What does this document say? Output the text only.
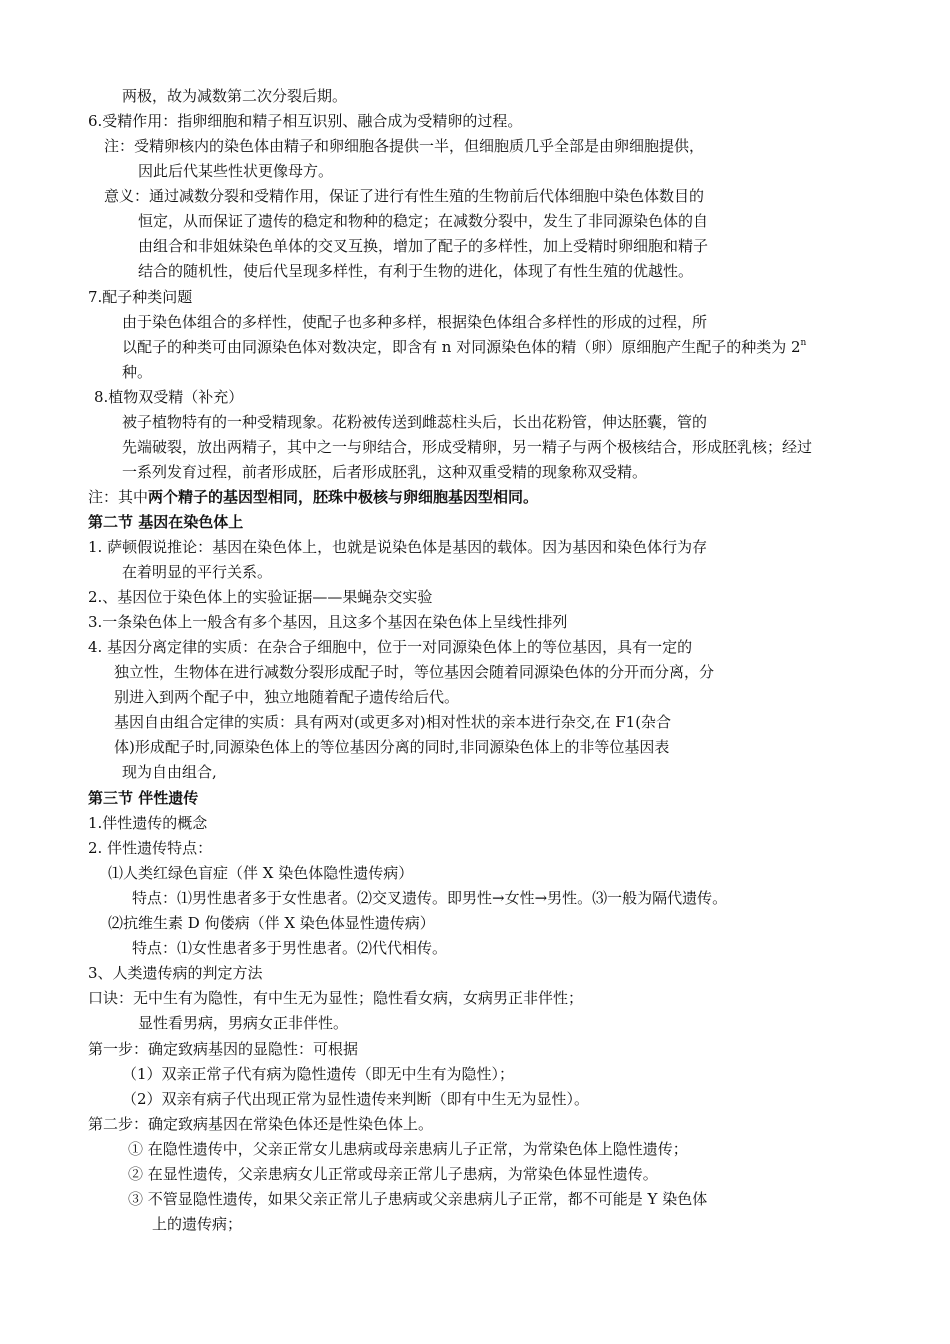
两极，故为减数第二次分裂后期。
6.受精作用：指卵细胞和精子相互识别、融合成为受精卵的过程。
注：受精卵核内的染色体由精子和卵细胞各提供一半，但细胞质几乎全部是由卵细胞提供，
因此后代某些性状更像母方。
意义：通过减数分裂和受精作用，保证了进行有性生殖的生物前后代体细胞中染色体数目的
恒定，从而保证了遗传的稳定和物种的稳定；在减数分裂中，发生了非同源染色体的自
由组合和非姐妹染色单体的交叉互换，增加了配子的多样性，加上受精时卵细胞和精子
结合的随机性，使后代呈现多样性，有利于生物的进化，体现了有性生殖的优越性。
7.配子种类问题
由于染色体组合的多样性，使配子也多种多样，根据染色体组合多样性的形成的过程，所
以配子的种类可由同源染色体对数决定，即含有 n 对同源染色体的精（卵）原细胞产生配子的种类为 2$^n$
种。
8.植物双受精（补充）
被子植物特有的一种受精现象。花粉被传送到雌蕊柱头后，长出花粉管，伸达胚囊，管的
先端破裂，放出两精子，其中之一与卵结合，形成受精卵，另一精子与两个极核结合，形成胚乳核；经过
一系列发育过程，前者形成胚，后者形成胚乳，这种双重受精的现象称双受精。
注：其中两个精子的基因型相同，胚珠中极核与卵细胞基因型相同。
第二节 基因在染色体上
1. 萨顿假说推论：基因在染色体上，也就是说染色体是基因的载体。因为基因和染色体行为存
在着明显的平行关系。
2.、基因位于染色体上的实验证据——果蝇杂交实验
3.一条染色体上一般含有多个基因，且这多个基因在染色体上呈线性排列
4. 基因分离定律的实质：在杂合子细胞中，位于一对同源染色体上的等位基因，具有一定的
独立性，生物体在进行减数分裂形成配子时，等位基因会随着同源染色体的分开而分离，分
别进入到两个配子中，独立地随着配子遗传给后代。
基因自由组合定律的实质：具有两对(或更多对)相对性状的亲本进行杂交,在 F1(杂合
体)形成配子时,同源染色体上的等位基因分离的同时,非同源染色体上的非等位基因表
现为自由组合,
第三节 伴性遗传
1.伴性遗传的概念
2. 伴性遗传特点：
⑴人类红绿色盲症（伴 X 染色体隐性遗传病）
特点：⑴男性患者多于女性患者。⑵交叉遗传。即男性→女性→男性。⑶一般为隔代遗传。
⑵抗维生素 D 佝偻病（伴 X 染色体显性遗传病）
特点：⑴女性患者多于男性患者。⑵代代相传。
3、人类遗传病的判定方法
口诀：无中生有为隐性，有中生无为显性；隐性看女病，女病男正非伴性；
显性看男病，男病女正非伴性。
第一步：确定致病基因的显隐性：可根据
（1）双亲正常子代有病为隐性遗传（即无中生有为隐性）；
（2）双亲有病子代出现正常为显性遗传来判断（即有中生无为显性）。
第二步：确定致病基因在常染色体还是性染色体上。
① 在隐性遗传中，父亲正常女儿患病或母亲患病儿子正常，为常染色体上隐性遗传；
② 在显性遗传，父亲患病女儿正常或母亲正常儿子患病，为常染色体显性遗传。
③ 不管显隐性遗传，如果父亲正常儿子患病或父亲患病儿子正常，都不可能是 Y 染色体
上的遗传病；
